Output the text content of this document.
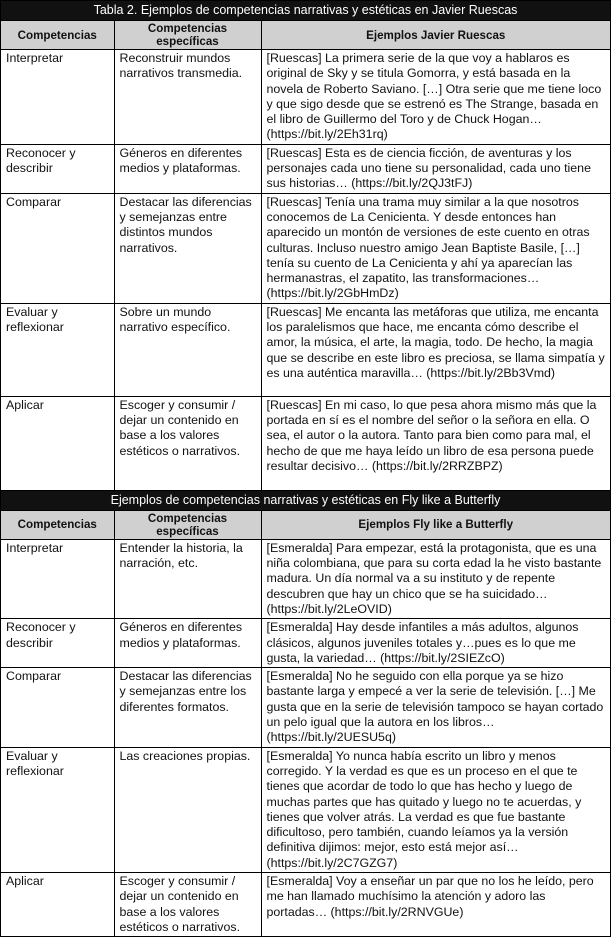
Tabla 2. Ejemplos de competencias narrativas y estéticas en Javier Ruescas
Competencias	Competencias específicas	Ejemplos Javier Ruescas
Interpretar	Reconstruir mundos narrativos transmedia.	[Ruescas] La primera serie de la que voy a hablaros es original de Sky y se titula Gomorra, y está basada en la novela de Roberto Saviano. […] Otra serie que me tiene loco y que sigo desde que se estrenó es The Strange, basada en el libro de Guillermo del Toro y de Chuck Hogan… (https://bit.ly/2Eh31rq)
Reconocer y describir	Géneros en diferentes medios y plataformas.	[Ruescas] Esta es de ciencia ficción, de aventuras y los personajes cada uno tiene su personalidad, cada uno tiene sus historias… (https://bit.ly/2QJ3tFJ)
Comparar	Destacar las diferencias y semejanzas entre distintos mundos narrativos.	[Ruescas] Tenía una trama muy similar a la que nosotros conocemos de La Cenicienta. Y desde entonces han aparecido un montón de versiones de este cuento en otras culturas. Incluso nuestro amigo Jean Baptiste Basile, […] tenía su cuento de La Cenicienta y ahí ya aparecían las hermanastras, el zapatito, las transformaciones… (https://bit.ly/2GbHmDz)
Evaluar y reflexionar	Sobre un mundo narrativo específico.	[Ruescas] Me encanta las metáforas que utiliza, me encanta los paralelismos que hace, me encanta cómo describe el amor, la música, el arte, la magia, todo. De hecho, la magia que se describe en este libro es preciosa, se llama simpatía y es una auténtica maravilla… (https://bit.ly/2Bb3Vmd)
Aplicar	Escoger y consumir / dejar un contenido en base a los valores estéticos o narrativos.	[Ruescas] En mi caso, lo que pesa ahora mismo más que la portada en sí es el nombre del señor o la señora en ella. O sea, el autor o la autora. Tanto para bien como para mal, el hecho de que me haya leído un libro de esa persona puede resultar decisivo… (https://bit.ly/2RRZBPZ)
Ejemplos de competencias narrativas y estéticas en Fly like a Butterfly
Competencias	Competencias específicas	Ejemplos Fly like a Butterfly
Interpretar	Entender la historia, la narración, etc.	[Esmeralda] Para empezar, está la protagonista, que es una niña colombiana, que para su corta edad la he visto bastante madura. Un día normal va a su instituto y de repente descubren que hay un chico que se ha suicidado… (https://bit.ly/2LeOVID)
Reconocer y describir	Géneros en diferentes medios y plataformas.	[Esmeralda] Hay desde infantiles a más adultos, algunos clásicos, algunos juveniles totales y…pues es lo que me gusta, la variedad… (https://bit.ly/2SIEZcO)
Comparar	Destacar las diferencias y semejanzas entre los diferentes formatos.	[Esmeralda] No he seguido con ella porque ya se hizo bastante larga y empecé a ver la serie de televisión. […] Me gusta que en la serie de televisión tampoco se hayan cortado un pelo igual que la autora en los libros… (https://bit.ly/2UESU5q)
Evaluar y reflexionar	Las creaciones propias.	[Esmeralda] Yo nunca había escrito un libro y menos corregido. Y la verdad es que es un proceso en el que te tienes que acordar de todo lo que has hecho y luego de muchas partes que has quitado y luego no te acuerdas, y tienes que volver atrás. La verdad es que fue bastante dificultoso, pero también, cuando leíamos ya la versión definitiva dijimos: mejor, esto está mejor así… (https://bit.ly/2C7GZG7)
Aplicar	Escoger y consumir / dejar un contenido en base a los valores estéticos o narrativos.	[Esmeralda] Voy a enseñar un par que no los he leído, pero me han llamado muchísimo la atención y adoro las portadas… (https://bit.ly/2RNVGUe)
